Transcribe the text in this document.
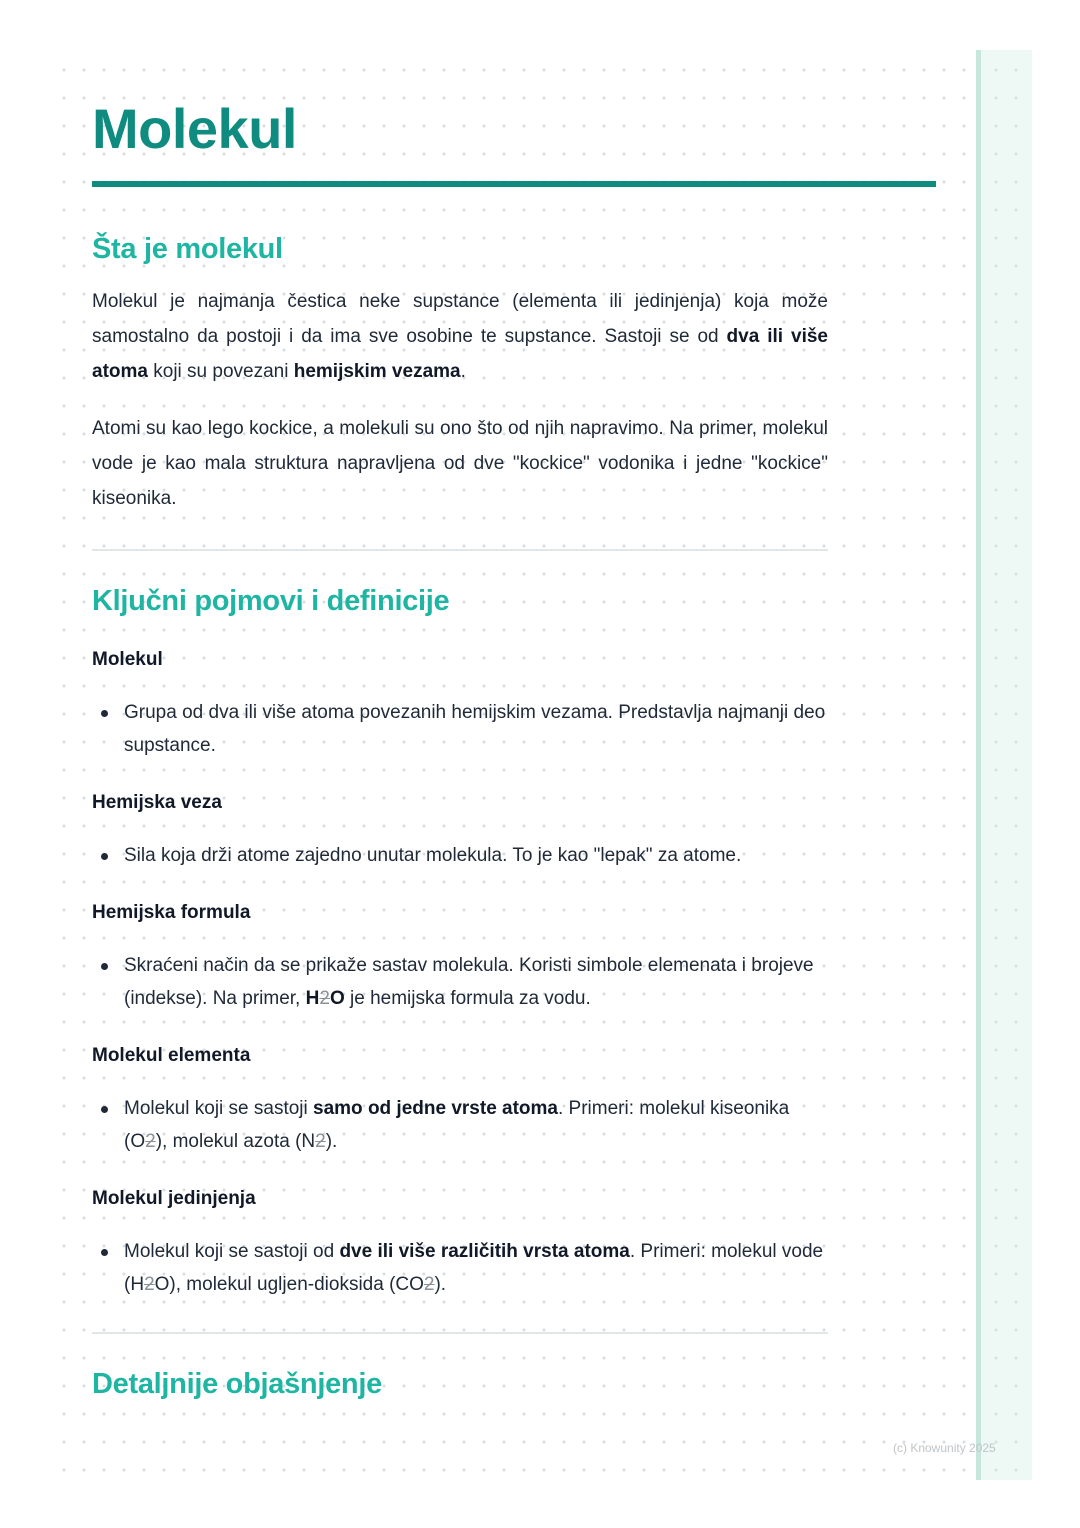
Molekul
Šta je molekul

Molekul je najmanja čestica neke supstance (elementa ili jedinjenja) koja može samostalno da postoji i da ima sve osobine te supstance. Sastoji se od dva ili više atoma koji su povezani hemijskim vezama.

Atomi su kao lego kockice, a molekuli su ono što od njih napravimo. Na primer, molekul vode je kao mala struktura napravljena od dve "kockice" vodonika i jedne "kockice" kiseonika.

Ključni pojmovi i definicije

Molekul

Grupa od dva ili više atoma povezanih hemijskim vezama. Predstavlja najmanji deo supstance.

Hemijska veza

Sila koja drži atome zajedno unutar molekula. To je kao "lepak" za atome.

Hemijska formula

Skraćeni način da se prikaže sastav molekula. Koristi simbole elemenata i brojeve (indekse). Na primer, H2O je hemijska formula za vodu.

Molekul elementa

Molekul koji se sastoji samo od jedne vrste atoma. Primeri: molekul kiseonika (O2), molekul azota (N2).

Molekul jedinjenja

Molekul koji se sastoji od dve ili više različitih vrsta atoma. Primeri: molekul vode (H2O), molekul ugljen-dioksida (CO2).
Detaljnije objašnjenje
(c) Knowunity 2025
